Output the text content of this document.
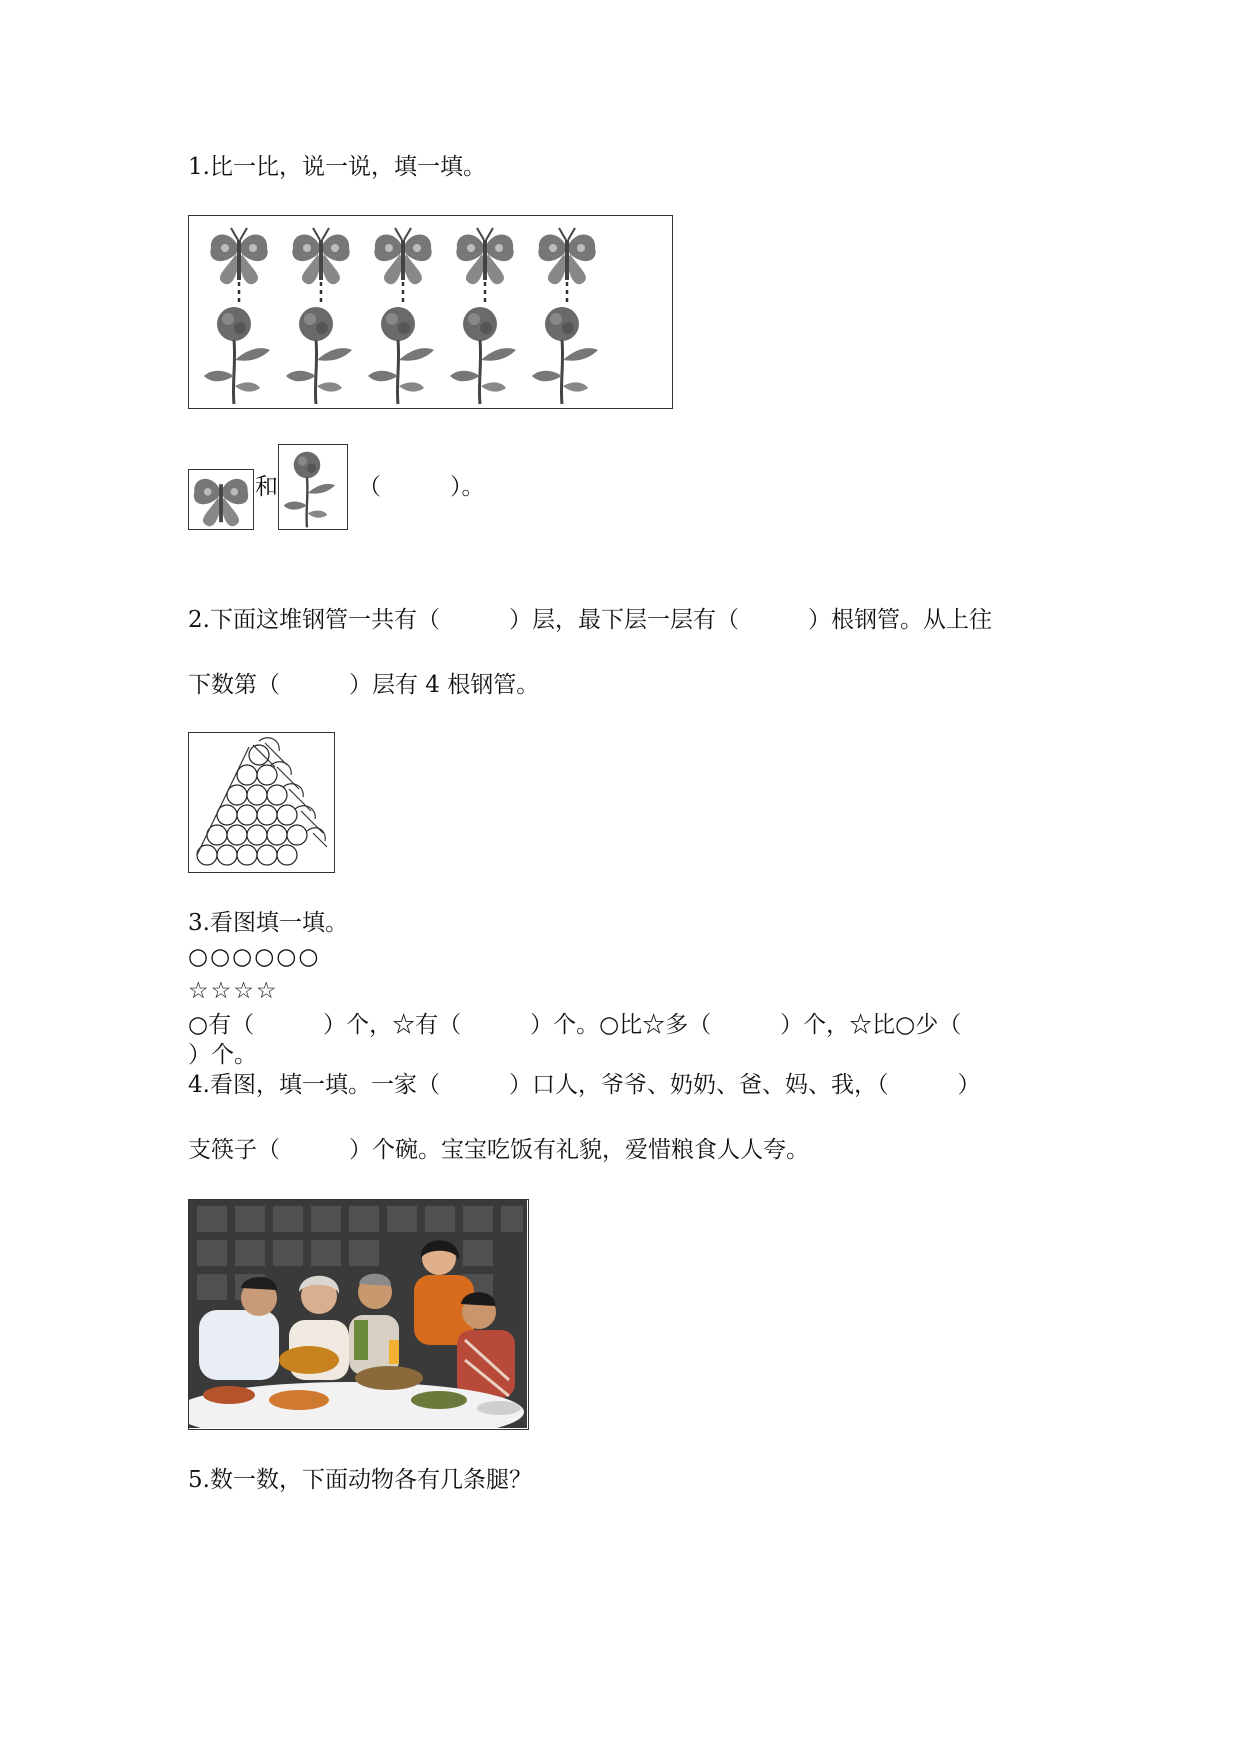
1.比一比，说一说，填一填。
和	（　　　）。
2.下面这堆钢管一共有（　　　）层，最下层一层有（　　　）根钢管。从上往
下数第（　　　）层有 4 根钢管。
3.看图填一填。
○○○○○○
☆☆☆☆
○有（　　　）个，☆有（　　　）个。○比☆多（　　　）个，☆比○少（
）个。
4.看图，填一填。一家（　　　）口人，爷爷、奶奶、爸、妈、我，（　　　）
支筷子（　　　）个碗。宝宝吃饭有礼貌，爱惜粮食人人夸。
5.数一数，下面动物各有几条腿？
